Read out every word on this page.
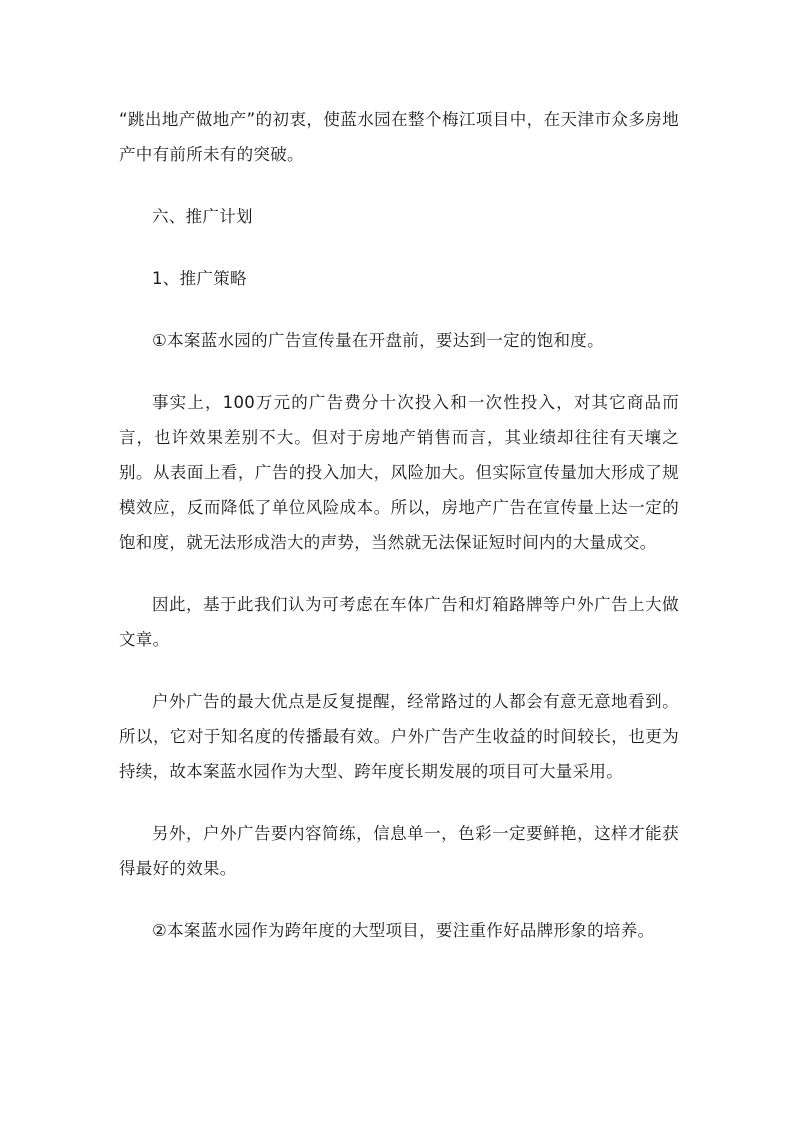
“跳出地产做地产”的初衷，使蓝水园在整个梅江项目中，在天津市众多房地产中有前所未有的突破。

六、推广计划

1、推广策略

①本案蓝水园的广告宣传量在开盘前，要达到一定的饱和度。

事实上，100万元的广告费分十次投入和一次性投入，对其它商品而言，也许效果差别不大。但对于房地产销售而言，其业绩却往往有天壤之别。从表面上看，广告的投入加大，风险加大。但实际宣传量加大形成了规模效应，反而降低了单位风险成本。所以，房地产广告在宣传量上达一定的饱和度，就无法形成浩大的声势，当然就无法保证短时间内的大量成交。

因此，基于此我们认为可考虑在车体广告和灯箱路牌等户外广告上大做文章。

户外广告的最大优点是反复提醒，经常路过的人都会有意无意地看到。所以，它对于知名度的传播最有效。户外广告产生收益的时间较长，也更为持续，故本案蓝水园作为大型、跨年度长期发展的项目可大量采用。

另外，户外广告要内容简练，信息单一，色彩一定要鲜艳，这样才能获得最好的效果。

②本案蓝水园作为跨年度的大型项目，要注重作好品牌形象的培养。
